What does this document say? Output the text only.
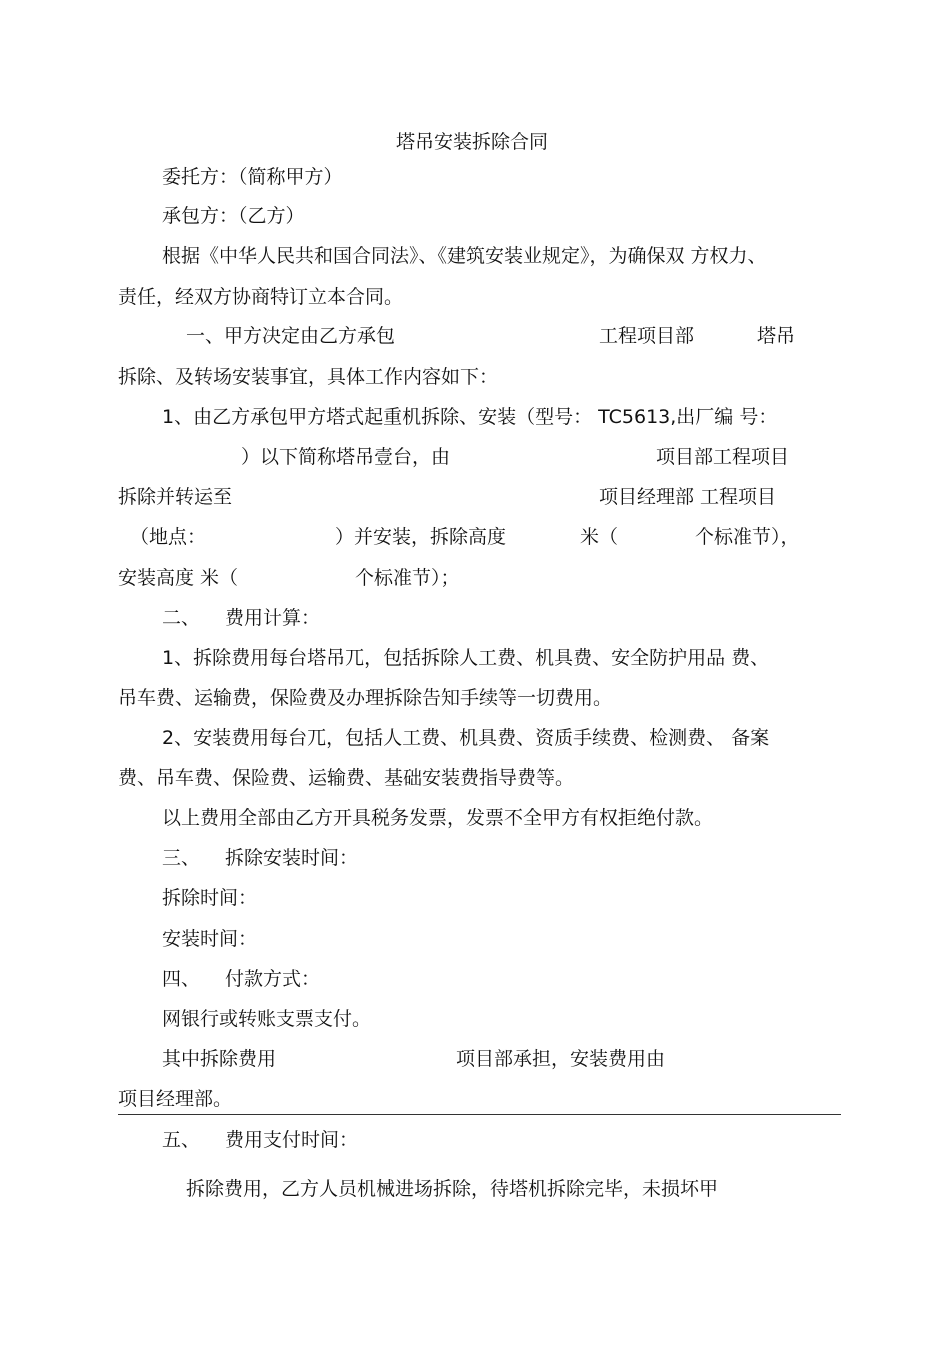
塔吊安装拆除合同
委托方：（简称甲方）
承包方：（乙方）
根据《中华人民共和国合同法》、《建筑安装业规定》，为确保双 方权力、
责任，经双方协商特订立本合同。
一、甲方决定由乙方承包	工程项目部	塔吊
拆除、及转场安装事宜，具体工作内容如下：
1、由乙方承包甲方塔式起重机拆除、安装（型号： TC5613,出厂编 号：
）以下简称塔吊壹台，由	项目部工程项目
拆除并转运至	项目经理部 工程项目
（地点：	）并安装，拆除高度	米（	个标准节），
安装高度 米（	个标准节）；
二、 费用计算：
1、拆除费用每台塔吊兀，包括拆除人工费、机具费、安全防护用品 费、
吊车费、运输费，保险费及办理拆除告知手续等一切费用。
2、安装费用每台兀，包括人工费、机具费、资质手续费、检测费、 备案
费、吊车费、保险费、运输费、基础安装费指导费等。
以上费用全部由乙方开具税务发票，发票不全甲方有权拒绝付款。
三、 拆除安装时间：
拆除时间：
安装时间：
四、 付款方式：
网银行或转账支票支付。
其中拆除费用	项目部承担，安装费用由
项目经理部。
五、 费用支付时间：
拆除费用，乙方人员机械进场拆除，待塔机拆除完毕，未损坏甲
